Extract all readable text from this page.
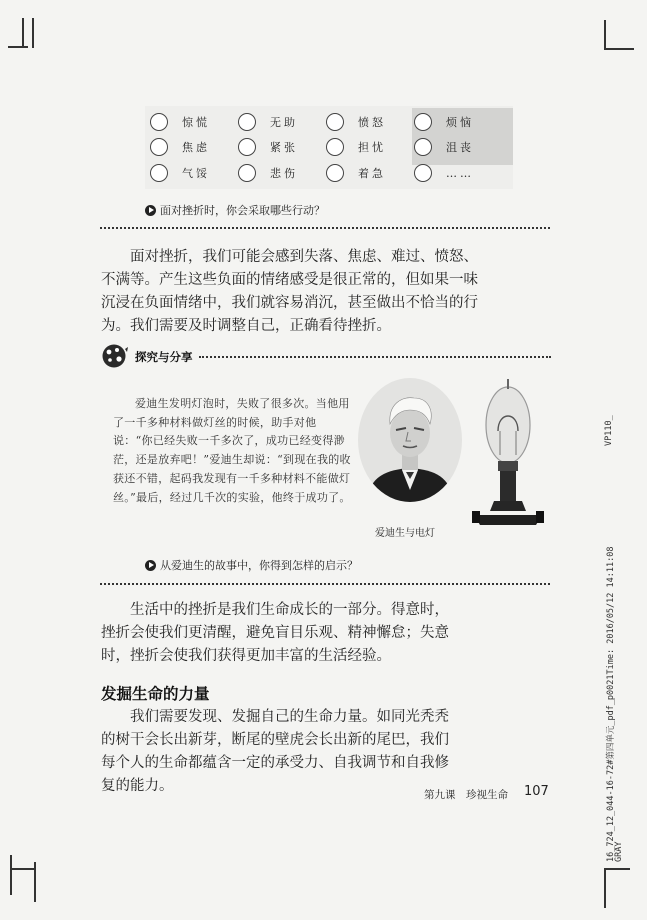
惊慌	无助	愤怒	烦恼
焦虑	紧张	担忧	沮丧
气馁	悲伤	着急	……
面对挫折时，你会采取哪些行动？

面对挫折，我们可能会感到失落、焦虑、难过、愤怒、不满等。产生这些负面的情绪感受是很正常的，但如果一味沉浸在负面情绪中，我们就容易消沉，甚至做出不恰当的行为。我们需要及时调整自己，正确看待挫折。

探究与分享

爱迪生发明灯泡时，失败了很多次。当他用了一千多种材料做灯丝的时候，助手对他说：“你已经失败一千多次了，成功已经变得渺茫，还是放弃吧！”爱迪生却说：“到现在我的收获还不错，起码我发现有一千多种材料不能做灯丝。”最后，经过几千次的实验，他终于成功了。

爱迪生与电灯
从爱迪生的故事中，你得到怎样的启示？

生活中的挫折是我们生命成长的一部分。得意时，挫折会使我们更清醒，避免盲目乐观、精神懈怠；失意时，挫折会使我们获得更加丰富的生活经验。

发掘生命的力量

我们需要发现、发掘自己的生命力量。如同光秃秃的树干会长出新芽，断尾的壁虎会长出新的尾巴，我们每个人的生命都蕴含一定的承受力、自我调节和自我修复的能力。

第九课　珍视生命 107
VP110_
16_724_12_044-16-72#第四单元_pdf_p0021Time: 2016/05/12 14:11:08
GRAY
